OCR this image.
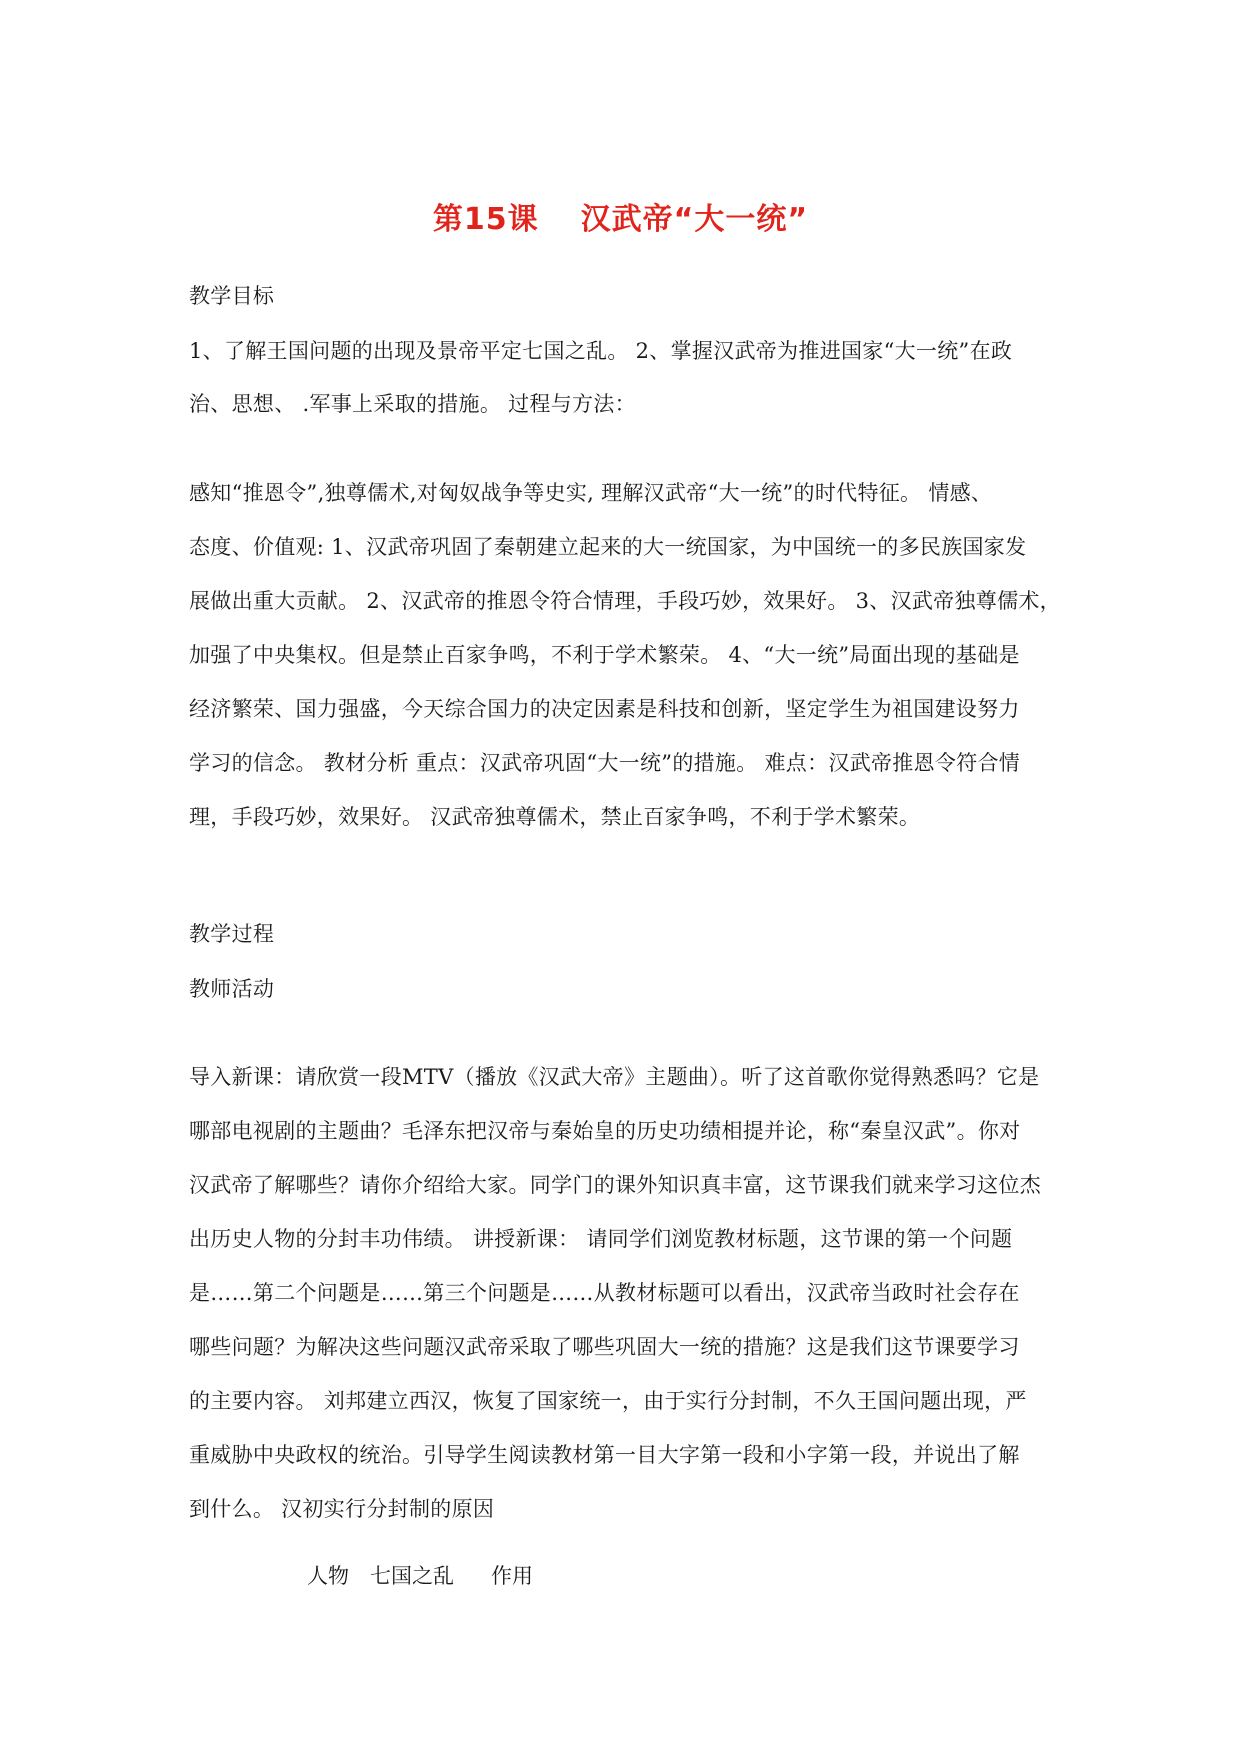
第15课 汉武帝“大一统”
教学目标
1、了解王国问题的出现及景帝平定七国之乱。 2、掌握汉武帝为推进国家“大一统”在政
治、思想、 .军事上采取的措施。 过程与方法：
感知“推恩令”,独尊儒术,对匈奴战争等史实, 理解汉武帝“大一统”的时代特征。 情感、
态度、价值观: 1、汉武帝巩固了秦朝建立起来的大一统国家，为中国统一的多民族国家发
展做出重大贡献。 2、汉武帝的推恩令符合情理，手段巧妙，效果好。 3、汉武帝独尊儒术，
加强了中央集权。但是禁止百家争鸣，不利于学术繁荣。 4、“大一统”局面出现的基础是
经济繁荣、国力强盛，今天综合国力的决定因素是科技和创新，坚定学生为祖国建设努力
学习的信念。 教材分析 重点：汉武帝巩固“大一统”的措施。 难点：汉武帝推恩令符合情
理，手段巧妙，效果好。 汉武帝独尊儒术，禁止百家争鸣，不利于学术繁荣。
教学过程
教师活动
导入新课：请欣赏一段MTV（播放《汉武大帝》主题曲）。听了这首歌你觉得熟悉吗？它是
哪部电视剧的主题曲？毛泽东把汉帝与秦始皇的历史功绩相提并论，称“秦皇汉武”。你对
汉武帝了解哪些？请你介绍给大家。同学门的课外知识真丰富，这节课我们就来学习这位杰
出历史人物的分封丰功伟绩。 讲授新课： 请同学们浏览教材标题，这节课的第一个问题
是……第二个问题是……第三个问题是……从教材标题可以看出，汉武帝当政时社会存在
哪些问题？为解决这些问题汉武帝采取了哪些巩固大一统的措施？这是我们这节课要学习
的主要内容。 刘邦建立西汉，恢复了国家统一，由于实行分封制，不久王国问题出现，严
重威胁中央政权的统治。引导学生阅读教材第一目大字第一段和小字第一段，并说出了解
到什么。 汉初实行分封制的原因
人物 七国之乱 作用
